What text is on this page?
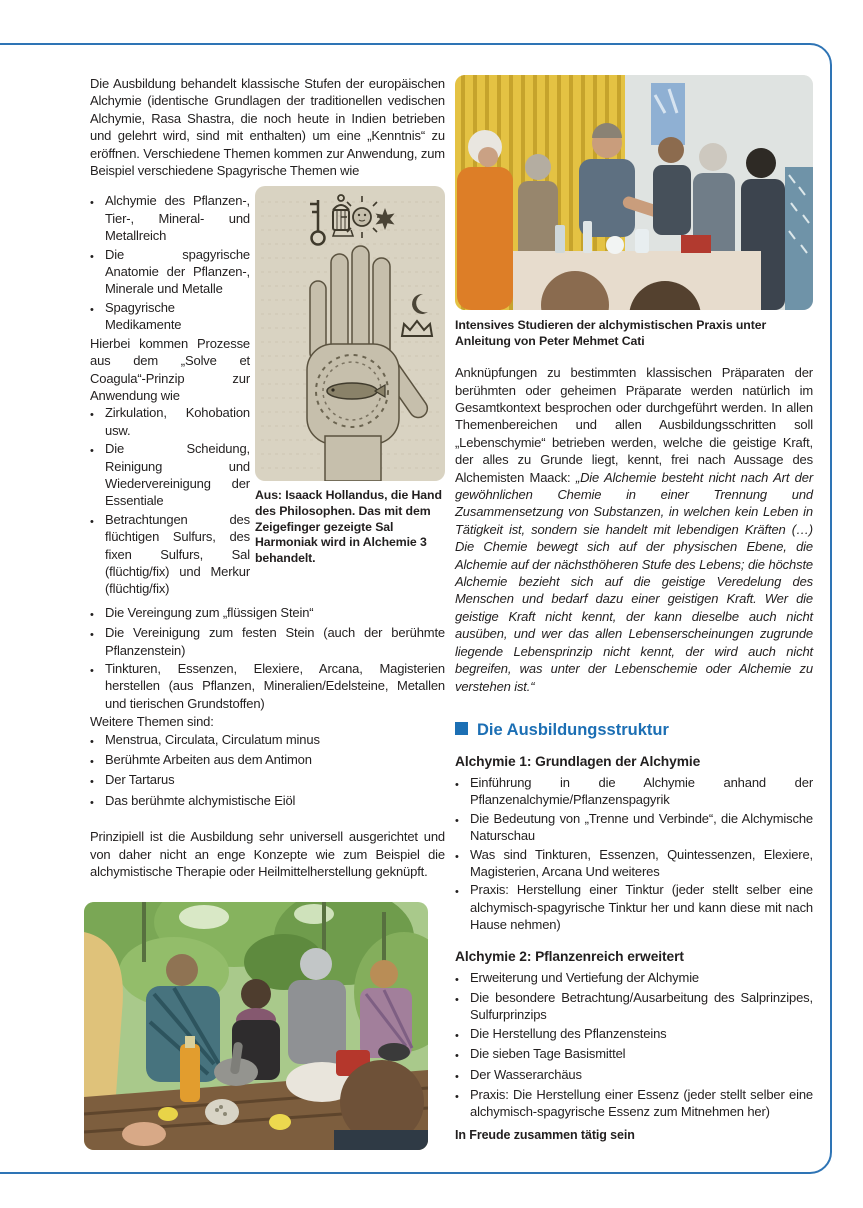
Die Ausbildung behandelt klassische Stufen der europäischen Alchymie (identische Grundlagen der traditionellen vedischen Alchymie, Rasa Shastra, die noch heute in Indien betrieben und gelehrt wird, sind mit enthalten) um eine „Kenntnis“ zu eröffnen. Verschiedene Themen kommen zur Anwendung, zum Beispiel verschiedene Spagyrische Themen wie

Aus: Isaack Hollandus, die Hand des Philosophen. Das mit dem Zeigefinger gezeigte Sal Harmoniak wird in Alchemie 3 behandelt.
•
Alchymie des Pflanzen-, Tier-, Mineral- und Metallreich
•
Die spagyrische Anatomie der Pflanzen-, Minerale und Metalle
•
Spagyrische Medikamente
Hierbei kommen Prozesse aus dem „Solve et Coagula“-Prinzip zur Anwendung wie
•
Zirkulation, Kohobation usw.
•
Die Scheidung, Reinigung und Wiedervereinigung der Essentiale
•
Betrachtungen des flüchtigen Sulfurs, des fixen Sulfurs, Sal (flüchtig/fix) und Merkur (flüchtig/fix)
•
Die Vereingung zum „flüssigen Stein“
•
Die Vereinigung zum festen Stein (auch der berühmte Pflanzenstein)
•
Tinkturen, Essenzen, Elexiere, Arcana, Magisterien herstellen (aus Pflanzen, Mineralien/Edelsteine, Metallen und tierischen Grundstoffen)
Weitere Themen sind:
•
Menstrua, Circulata, Circulatum minus
•
Berühmte Arbeiten aus dem Antimon
•
Der Tartarus
•
Das berühmte alchymistische Eiöl

Prinzipiell ist die Ausbildung sehr universell ausgerichtet und von daher nicht an enge Konzepte wie zum Beispiel die alchymistische Therapie oder Heilmittelherstellung geknüpft.

Intensives Studieren der alchymistischen Praxis unter Anleitung von Peter Mehmet Cati

Anknüpfungen zu bestimmten klassischen Präparaten der berühmten oder geheimen Präparate werden natürlich im Gesamtkontext besprochen oder durchgeführt werden. In allen Themenbereichen und allen Ausbildungsschritten soll „Lebenschymie“ betrieben werden, welche die geistige Kraft, der alles zu Grunde liegt, kennt, frei nach Aussage des Alchemisten Maack: „Die Alchemie besteht nicht nach Art der gewöhnlichen Chemie in einer Trennung und Zusammensetzung von Substanzen, in welchen kein Leben in Tätigkeit ist, sondern sie handelt mit lebendigen Kräften (…) Die Chemie bewegt sich auf der physischen Ebene, die Alchemie auf der nächsthöheren Stufe des Lebens; die höchste Alchemie bezieht sich auf die geistige Veredelung des Menschen und bedarf dazu einer geistigen Kraft. Wer die geistige Kraft nicht kennt, der kann dieselbe auch nicht ausüben, und wer das allen Lebenserscheinungen zugrunde liegende Lebensprinzip nicht kennt, der wird auch nicht begreifen, was unter der Lebenschemie oder Alchemie zu verstehen ist.“

Die Ausbildungsstruktur
Alchymie 1: Grundlagen der Alchymie
•
Einführung in die Alchymie anhand der Pflanzenalchymie/Pflanzenspagyrik
•
Die Bedeutung von „Trenne und Verbinde“, die Alchymische Naturschau
•
Was sind Tinkturen, Essenzen, Quintessenzen, Elexiere, Magisterien, Arcana Und weiteres
•
Praxis: Herstellung einer Tinktur (jeder stellt selber eine alchymisch-spagyrische Tinktur her und kann diese mit nach Hause nehmen)
Alchymie 2: Pflanzenreich erweitert
•
Erweiterung und Vertiefung der Alchymie
•
Die besondere Betrachtung/Ausarbeitung des Salprinzipes, Sulfurprinzips
•
Die Herstellung des Pflanzensteins
•
Die sieben Tage Basismittel
•
Der Wasserarchäus
•
Praxis: Die Herstellung einer Essenz (jeder stellt selber eine alchymisch-spagyrische Essenz zum Mitnehmen her)
In Freude zusammen tätig sein
